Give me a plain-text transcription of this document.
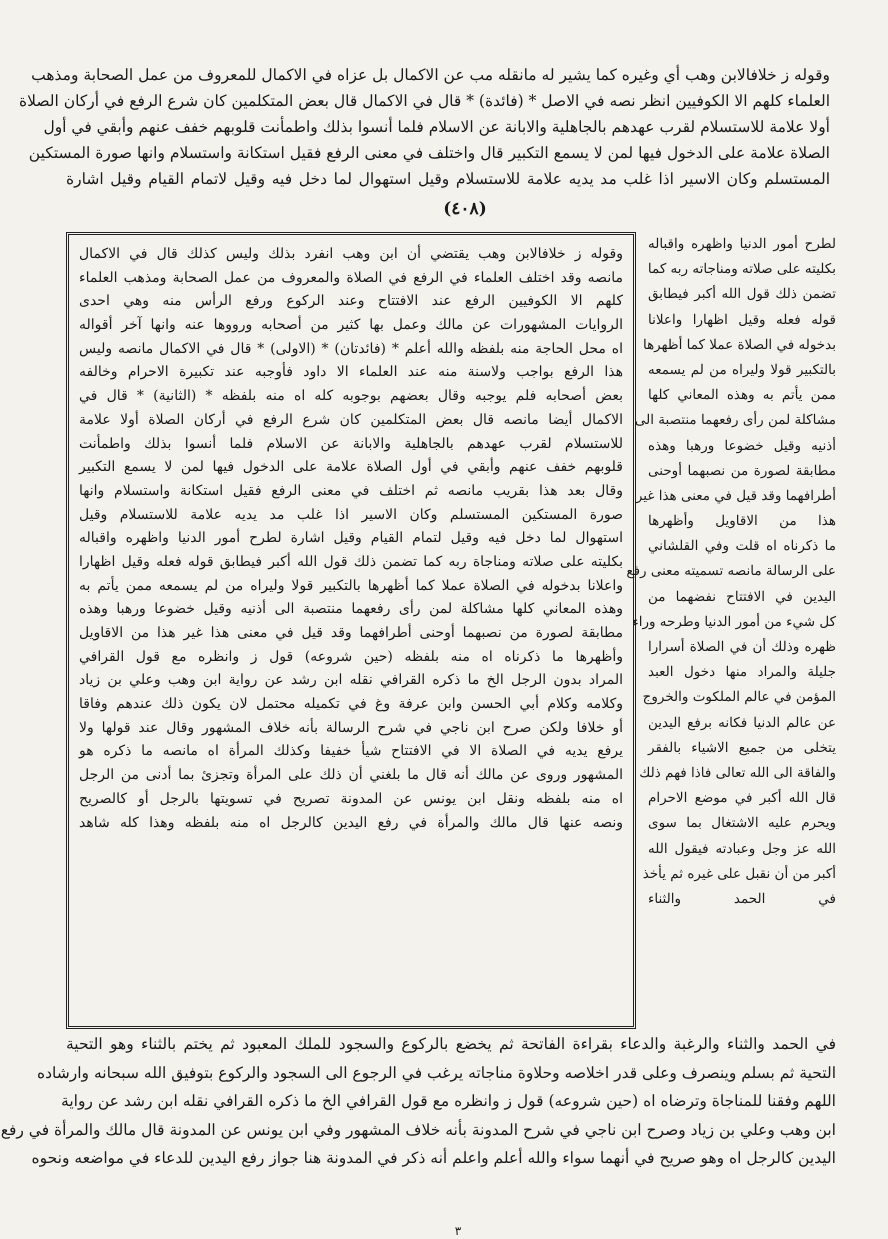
وقوله ز خلافالابن وهب أي وغيره كما يشير له مانقله مب عن الاكمال بل عزاه في الاكمال للمعروف من عمل الصحابة ومذهب
العلماء كلهم الا الكوفيين انظر نصه في الاصل * (فائدة) * قال في الاكمال قال بعض المتكلمين كان شرع الرفع في أركان الصلاة
أولا علامة للاستسلام لقرب عهدهم بالجاهلية والابانة عن الاسلام فلما أنسوا بذلك واطمأنت قلوبهم خفف عنهم وأبقي في أول
الصلاة علامة على الدخول فيها لمن لا يسمع التكبير قال واختلف في معنى الرفع فقيل استكانة واستسلام وانها صورة المستكين
المستسلم وكان الاسير اذا غلب مد يديه علامة للاستسلام وقيل استهوال لما دخل فيه وقيل لاتمام القيام وقيل اشارة
(٤٠٨)
وقوله ز خلافالابن وهب يقتضي أن ابن وهب انفرد بذلك وليس كذلك قال في الاكمال
مانصه وقد اختلف العلماء في الرفع في الصلاة والمعروف من عمل الصحابة ومذهب العلماء
كلهم الا الكوفيين الرفع عند الافتتاح وعند الركوع ورفع الرأس منه وهي احدى
الروايات المشهورات عن مالك وعمل بها كثير من أصحابه ورووها عنه وانها آخر أقواله
اه محل الحاجة منه بلفظه والله أعلم * (فائدتان) * (الاولى) * قال في الاكمال مانصه وليس
هذا الرفع بواجب ولاسنة منه عند العلماء الا داود فأوجبه عند تكبيرة الاحرام وخالفه
بعض أصحابه فلم يوجبه وقال بعضهم بوجوبه كله اه منه بلفظه * (الثانية) * قال في
الاكمال أيضا مانصه قال بعض المتكلمين كان شرع الرفع في أركان الصلاة أولا علامة
للاستسلام لقرب عهدهم بالجاهلية والابانة عن الاسلام فلما أنسوا بذلك واطمأنت
قلوبهم خفف عنهم وأبقي في أول الصلاة علامة على الدخول فيها لمن لا يسمع التكبير
وقال بعد هذا بقريب مانصه ثم اختلف في معنى الرفع فقيل استكانة واستسلام وانها
صورة المستكين المستسلم وكان الاسير اذا غلب مد يديه علامة للاستسلام وقيل
استهوال لما دخل فيه وقيل لتمام القيام وقيل اشارة لطرح أمور الدنيا واظهره واقباله
بكليته على صلاته ومناجاة ربه كما تضمن ذلك قول الله أكبر فيطابق قوله فعله وقيل اظهارا
واعلانا بدخوله في الصلاة عملا كما أظهرها بالتكبير قولا وليراه من لم يسمعه ممن يأتم به
وهذه المعاني كلها مشاكلة لمن رأى رفعهما منتصبة الى أذنيه وقيل خضوعا ورهبا وهذه
مطابقة لصورة من نصبهما أوحنى أطرافهما وقد قيل في معنى هذا غير هذا من الاقاويل
وأظهرها ما ذكرناه اه منه بلفظه (حين شروعه) قول ز وانظره مع قول القرافي
المراد بدون الرجل الخ ما ذكره القرافي نقله ابن رشد عن رواية ابن وهب وعلي بن زياد
وكلامه وكلام أبي الحسن وابن عرفة وغ في تكميله محتمل لان يكون ذلك عندهم وفاقا
أو خلافا ولكن صرح ابن ناجي في شرح الرسالة بأنه خلاف المشهور وقال عند قولها ولا
يرفع يديه في الصلاة الا في الافتتاح شيأ خفيفا وكذلك المرأة اه مانصه ما ذكره هو
المشهور وروى عن مالك أنه قال ما بلغني أن ذلك على المرأة وتجزئ بما أدنى من الرجل
اه منه بلفظه ونقل ابن يونس عن المدونة تصريح في تسويتها بالرجل أو كالصريح
ونصه عنها قال مالك والمرأة في رفع اليدين كالرجل اه منه بلفظه وهذا كله شاهد
لطرح أمور الدنيا واظهره واقباله
بكليته على صلاته ومناجاته ربه كما
تضمن ذلك قول الله أكبر فيطابق
قوله فعله وقيل اظهارا واعلانا
بدخوله في الصلاة عملا كما أظهرها
بالتكبير قولا وليراه من لم يسمعه
ممن يأتم به وهذه المعاني كلها
مشاكلة لمن رأى رفعهما منتصبة الى
أذنيه وقيل خضوعا ورهبا وهذه
مطابقة لصورة من نصبهما أوحنى
أطرافهما وقد قيل في معنى هذا غير
هذا من الاقاويل وأظهرها
ما ذكرناه اه قلت وفي القلشاني
على الرسالة مانصه تسميته معنى رفع
اليدين في الافتتاح نفضهما من
كل شيء من أمور الدنيا وطرحه وراء
ظهره وذلك أن في الصلاة أسرارا
جليلة والمراد منها دخول العبد
المؤمن في عالم الملكوت والخروج
عن عالم الدنيا فكانه برفع اليدين
يتخلى من جميع الاشياء بالفقر
والفاقة الى الله تعالى فاذا فهم ذلك
قال الله أكبر في موضع الاحرام
ويحرم عليه الاشتغال بما سوى
الله عز وجل وعبادته فيقول الله
أكبر من أن نقبل على غيره ثم يأخذ
في الحمد والثناء
في الحمد والثناء والرغبة والدعاء بقراءة الفاتحة ثم يخضع بالركوع والسجود للملك المعبود ثم يختم بالثناء وهو التحية
التحية ثم بسلم وينصرف وعلى قدر اخلاصه وحلاوة مناجاته يرغب في الرجوع الى السجود والركوع بتوفيق الله سبحانه وارشاده
اللهم وفقنا للمناجاة وترضاه اه (حين شروعه) قول ز وانظره مع قول القرافي الخ ما ذكره القرافي نقله ابن رشد عن رواية
ابن وهب وعلي بن زياد وصرح ابن ناجي في شرح المدونة بأنه خلاف المشهور وفي ابن يونس عن المدونة قال مالك والمرأة في رفع
اليدين كالرجل اه وهو صريح في أنهما سواء والله أعلم واعلم أنه ذكر في المدونة هنا جواز رفع اليدين للدعاء في مواضعه ونحوه
٣
